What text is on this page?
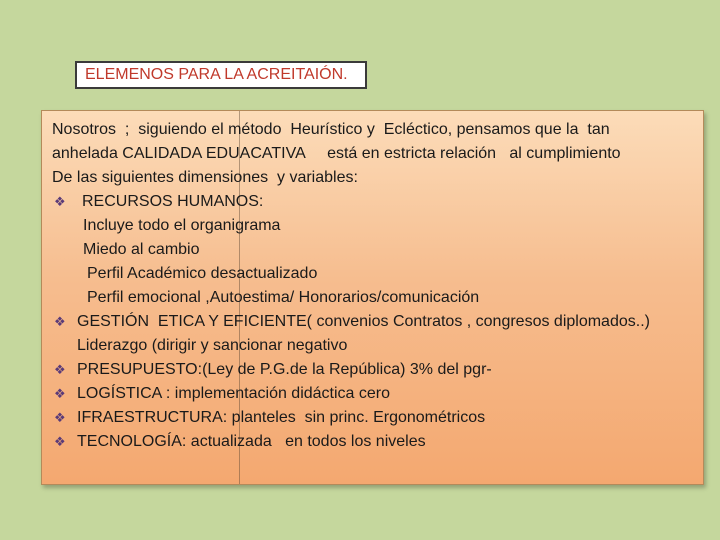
ELEMENOS PARA LA ACREITAIÓN.
Nosotros  ;  siguiendo el método  Heurístico y  Ecléctico, pensamos que la  tan
anhelada CALIDADA EDUACATIVA     está en estricta relación   al cumplimiento
De las siguientes dimensiones  y variables:
❖ RECURSOS HUMANOS:
Incluye todo el organigrama
Miedo al cambio
Perfil Académico desactualizado
Perfil emocional ,Autoestima/ Honorarios/comunicación
❖ GESTIÓN  ETICA Y EFICIENTE( convenios Contratos , congresos diplomados..)
Liderazgo (dirigir y sancionar negativo
❖ PRESUPUESTO:(Ley de P.G.de la República) 3% del pgr-
❖ LOGÍSTICA : implementación didáctica cero
❖ IFRAESTRUCTURA: planteles  sin princ. Ergonométricos
❖ TECNOLOGÍA: actualizada   en todos los niveles
